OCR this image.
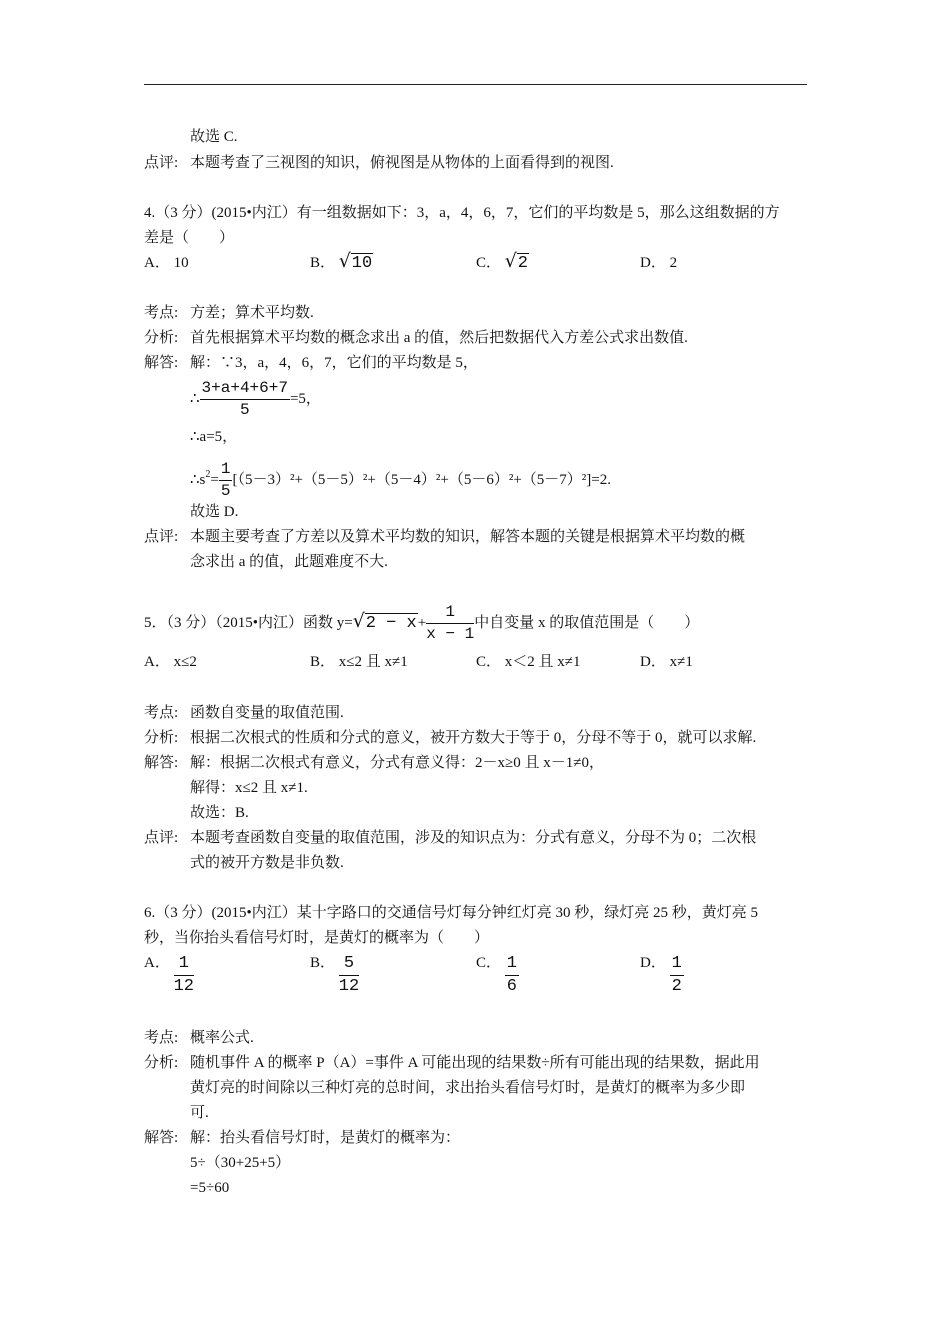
故选 C.
点评: 本题考查了三视图的知识，俯视图是从物体的上面看得到的视图.
4.（3 分）(2015•内江）有一组数据如下：3，a，4，6，7，它们的平均数是 5，那么这组数据的方
差是（　　）
A． 10	B． √ 10	C． √ 2	D． 2
考点: 方差；算术平均数.
分析: 首先根据算术平均数的概念求出 a 的值，然后把数据代入方差公式求出数值.
解答: 解：∵3，a，4，6，7，它们的平均数是 5，
∴ $\frac{3+a+4+6+7}{5} =5$，
∴a=5，
$\therefore s^2= \frac{1}{5} [(5-3)^2+(5-5)^2+(5-4)^2+(5-6)^2+(5-7)^2]=2$.
故选 D.
点评: 本题主要考查了方差以及算术平均数的知识，解答本题的关键是根据算术平均数的概
念求出 a 的值，此题难度不大.
5．（3 分）（2015•内江）函数 y= √ $2 - x+ \frac{1}{x - 1}$ 中自变量 x 的取值范围是（　　）
A． x≤2	B． x≤2 且 x≠1	C． x＜2 且 x≠1	D． x≠1
考点: 函数自变量的取值范围.
分析: 根据二次根式的性质和分式的意义，被开方数大于等于 0，分母不等于 0，就可以求解.
解答: 解：根据二次根式有意义，分式有意义得：2－x≥0 且 x－1≠0，
解得：x≤2 且 x≠1.
故选：B.
点评: 本题考查函数自变量的取值范围，涉及的知识点为：分式有意义，分母不为 0；二次根
式的被开方数是非负数.
6.（3 分）(2015•内江）某十字路口的交通信号灯每分钟红灯亮 30 秒，绿灯亮 25 秒，黄灯亮 5
秒，当你抬头看信号灯时，是黄灯的概率为（　　）
A． $\frac{1}{12}$	B． $\frac{5}{12}$	C． $\frac{1}{6}$	D． $\frac{1}{2}$
考点: 概率公式.
分析: 随机事件 A 的概率 P（A）=事件 A 可能出现的结果数÷所有可能出现的结果数，据此用
黄灯亮的时间除以三种灯亮的总时间，求出抬头看信号灯时，是黄灯的概率为多少即
可.
解答: 解：抬头看信号灯时，是黄灯的概率为：
5÷（30+25+5）
=5÷60
